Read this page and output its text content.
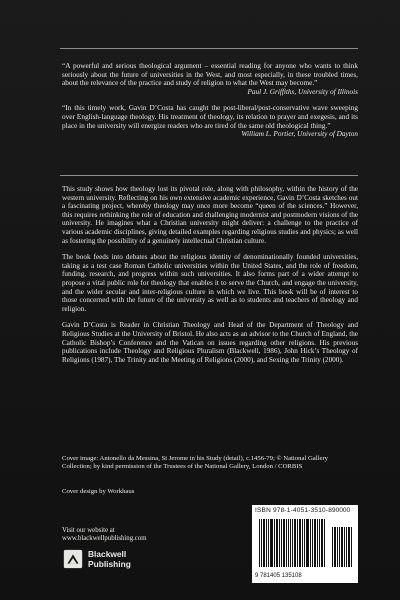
“A powerful and serious theological argument – essential reading for anyone who wants to think seriously about the future of universities in the West, and most especially, in these troubled times, about the relevance of the practice and study of religion to what the West may become.”

Paul J. Griffiths, University of Illinois

“In this timely work, Gavin D’Costa has caught the post-liberal/post-conservative wave sweeping over English-language theology. His treatment of theology, its relation to prayer and exegesis, and its place in the university will energize readers who are tired of the same old theological thing.”

William L. Portier, University of Dayton

This study shows how theology lost its pivotal role, along with philosophy, within the history of the western university. Reflecting on his own extensive academic experience, Gavin D’Costa sketches out a fascinating project, whereby theology may once more become “queen of the sciences.” However, this requires rethinking the role of education and challenging modernist and postmodern visions of the university. He imagines what a Christian university might deliver: a challenge to the practice of various academic disciplines, giving detailed examples regarding religious studies and physics; as well as fostering the possibility of a genuinely intellectual Christian culture.

The book feeds into debates about the religious identity of denominationally founded universities, taking as a test case Roman Catholic universities within the United States, and the role of freedom, funding, research, and progress within such universities. It also forms part of a wider attempt to propose a vital public role for theology that enables it to serve the Church, and engage the university, and the wider secular and inter-religious culture in which we live. This book will be of interest to those concerned with the future of the university as well as to students and teachers of theology and religion.

Gavin D’Costa is Reader in Christian Theology and Head of the Department of Theology and Religious Studies at the University of Bristol. He also acts as an advisor to the Church of England, the Catholic Bishop’s Conference and the Vatican on issues regarding other religions. His previous publications include Theology and Religious Pluralism (Blackwell, 1986), John Hick’s Theology of Religions (1987), The Trinity and the Meeting of Religions (2000), and Sexing the Trinity (2000).

Cover image: Antonello da Messina, St Jerome in his Study (detail), c.1456-79; © National Gallery Collection; by kind permission of the Trustees of the National Gallery, London / CORBIS

Cover design by Workhaus
Visit our website at
www.blackwellpublishing.com
Blackwell
Publishing
ISBN 978-1-4051-3510-8 90000
9 781405 135108
